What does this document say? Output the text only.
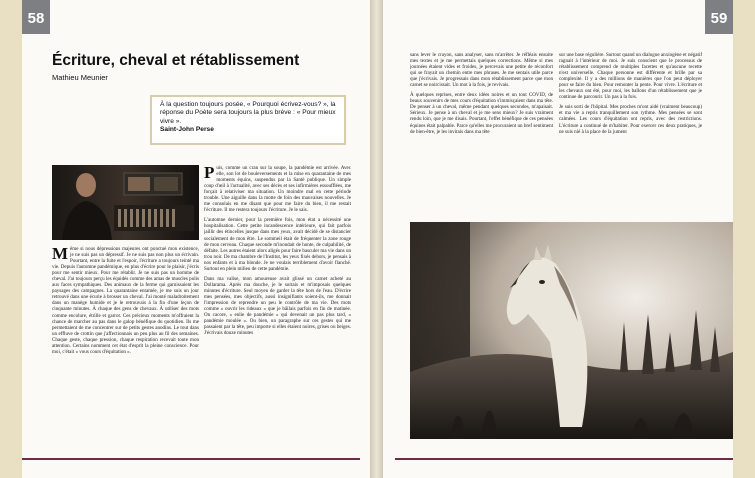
58
Écriture, cheval et rétablissement
Mathieu Meunier
À la question toujours posée, « Pourquoi écrivez-vous? », la réponse du Poète sera toujours la plus brève : « Pour mieux vivre ».
Saint-John Perse

Même si nous dépressions majeures ont ponctué mon existence, je ne suis pas un dépressif. Je ne suis pas non plus un écrivain. Pourtant, entre la fuite et l'espoir, l'écriture a toujours teinté ma vie. Depuis l'automne pandémique, en plus d'écrire pour le plaisir, j'écris pour me sentir mieux. Pour me rétablir. Je ne suis pas un homme de cheval. J'ai toujours perçu les équidés comme des amas de muscles polis aux faces sympathiques. Des animaux de la ferme qui garnissaient les paysages des campagnes. La quarantaine entamée, je me suis un jour retrouvé dans une écurie à brosser un cheval. J'ai monté maladroitement dans un manège humide et je le retrouvais à la fin d'une leçon de cinquante minutes. À chaque des gens de chevaux. À utiliser des mots comme encolure, étrille et garrot. Ces précieux moments m'offraient la chance de marcher au pas dans le galop bénéfique du quotidien. Ils me permettaient de me concentrer sur de petits gestes anodins. Le tout dans un effluve de crottin que j'affectionnais un peu plus au fil des semaines. Chaque geste, chaque pression, chaque respiration recevait toute mon attention. Certains nomment cet état d'esprit la pleine conscience. Pour moi, c'était « vous cours d'équitation ».

Puis, comme un cran sur la soupe, la pandémie est arrivée. Avec elle, son lot de bouleversements et la mise en quarantaine de mes moments équins, suspendus par la Santé publique. Un simple coup d'œil à l'actualité, avec ses décès et ses infirmières essoufflées, me forçait à relativiser ma situation. Un moindre mal en cette période trouble. Une aiguille dans la motte de foin des mauvaises nouvelles. Je me consolais en me disant que pour me faire du bien, il me restait l'écriture. Il me restera toujours l'écriture. Je le sais.

L'automne dernier, pour la première fois, mon état a nécessité une hospitalisation. Cette petite incandescence intérieure, qui fait parfois jaillir des étincelles jusque dans mes yeux, avait décidé de se distancier socialement de mon être. Le sommeil était de fréquenter la zone rouge de mon cerveau. Chaque seconde m'inondait de honte, de culpabilité, de défaite. Les autres étaient alors aligés pour faire basculer ma vie dans un trou noir. De ma chambre de l'Institut, les yeux fixés dehors, je pensais à nos enfants et à ma blonde. Je ne voulais terriblement d'avoir flanché. Surtout en plein milieu de cette pandémie.

Dans ma valise, mon amoureuse avait glissé un carnet acheté au Dollarama. Après ma douche, je le sortais et m'imposais quelques minutes d'écriture. Seul moyen de garder la tête hors de l'eau. D'écrire mes pensées, mes objectifs, aussi insignifiants soient-ils, me donnait l'impression de reprendre un peu le contrôle de ma vie. Des mots comme « ouvrir les rideaux » que je bâilais parfois en fin de matinée. On cacore, « enlie de pandémie » qui devenait un pas plus tard, « pandémie moulée ». Ou bien, un paragraphe sur ces gestes qui me passaient par la tête, peu importe si elles étaient noires, grises ou beiges. J'écrivais douze minutes

59

sans lever le crayon, sans analyser, sans m'arrêter. Je réfléais ensuite mes textes et je me permettais quelques corrections. Même si mes journées étaient vides et froides, je percevais une petite de réconfort qui se frayait un chemin entre mes phrases. Je me sentais utile parce que j'écrivais. Je progressais dans mon rétablissement parce que mon carnet se noircissait. Un mot à la fois, je revivais.

À quelques reprises, entre deux idées noires et un tout COVID, de beaux souvenirs de mes cours d'équitation s'immisçaient dans ma tête. De penser à un cheval, même pendant quelques secondes, m'apaisait. Sérieux. Je pense à un cheval et je me sens mieux? Je suis vraiment rendu loin, que je me disais. Pourtant, l'effet bénéfique de ces pensées équines était palpable. Parce qu'elles me procuraient un bref sentiment de bien-être, je les invitais dans ma tête

sur une base régulière. Surtout quand un dialogue anxiogène et négatif ragnait à l'intérieur de moi. Je suis conscient que le processus de rétablissement comprend de multiples facettes et qu'aucune recette n'est universelle. Chaque personne est différente et brille par sa complexité. Il y a des millions de manières que l'on peut déployer pour se faire du bien. Pour remonter la pente. Pour vivre. L'écriture et les chevaux ont été, pour moi, les ballons d'un rétablissement que je continue de parcourir. Un pas à la fois.

Je suis sorti de l'hôpital. Mes proches m'ont aidé (vraiment beaucoup) et ma vie a repris tranquillement son rythme. Mes pensées se sont calmées. Les cours d'équitation ont repris, avec des restrictions. L'écriture a continué de m'habiter. Pour exercer ces deux pratiques, je ne suis nié à la place de la jument
